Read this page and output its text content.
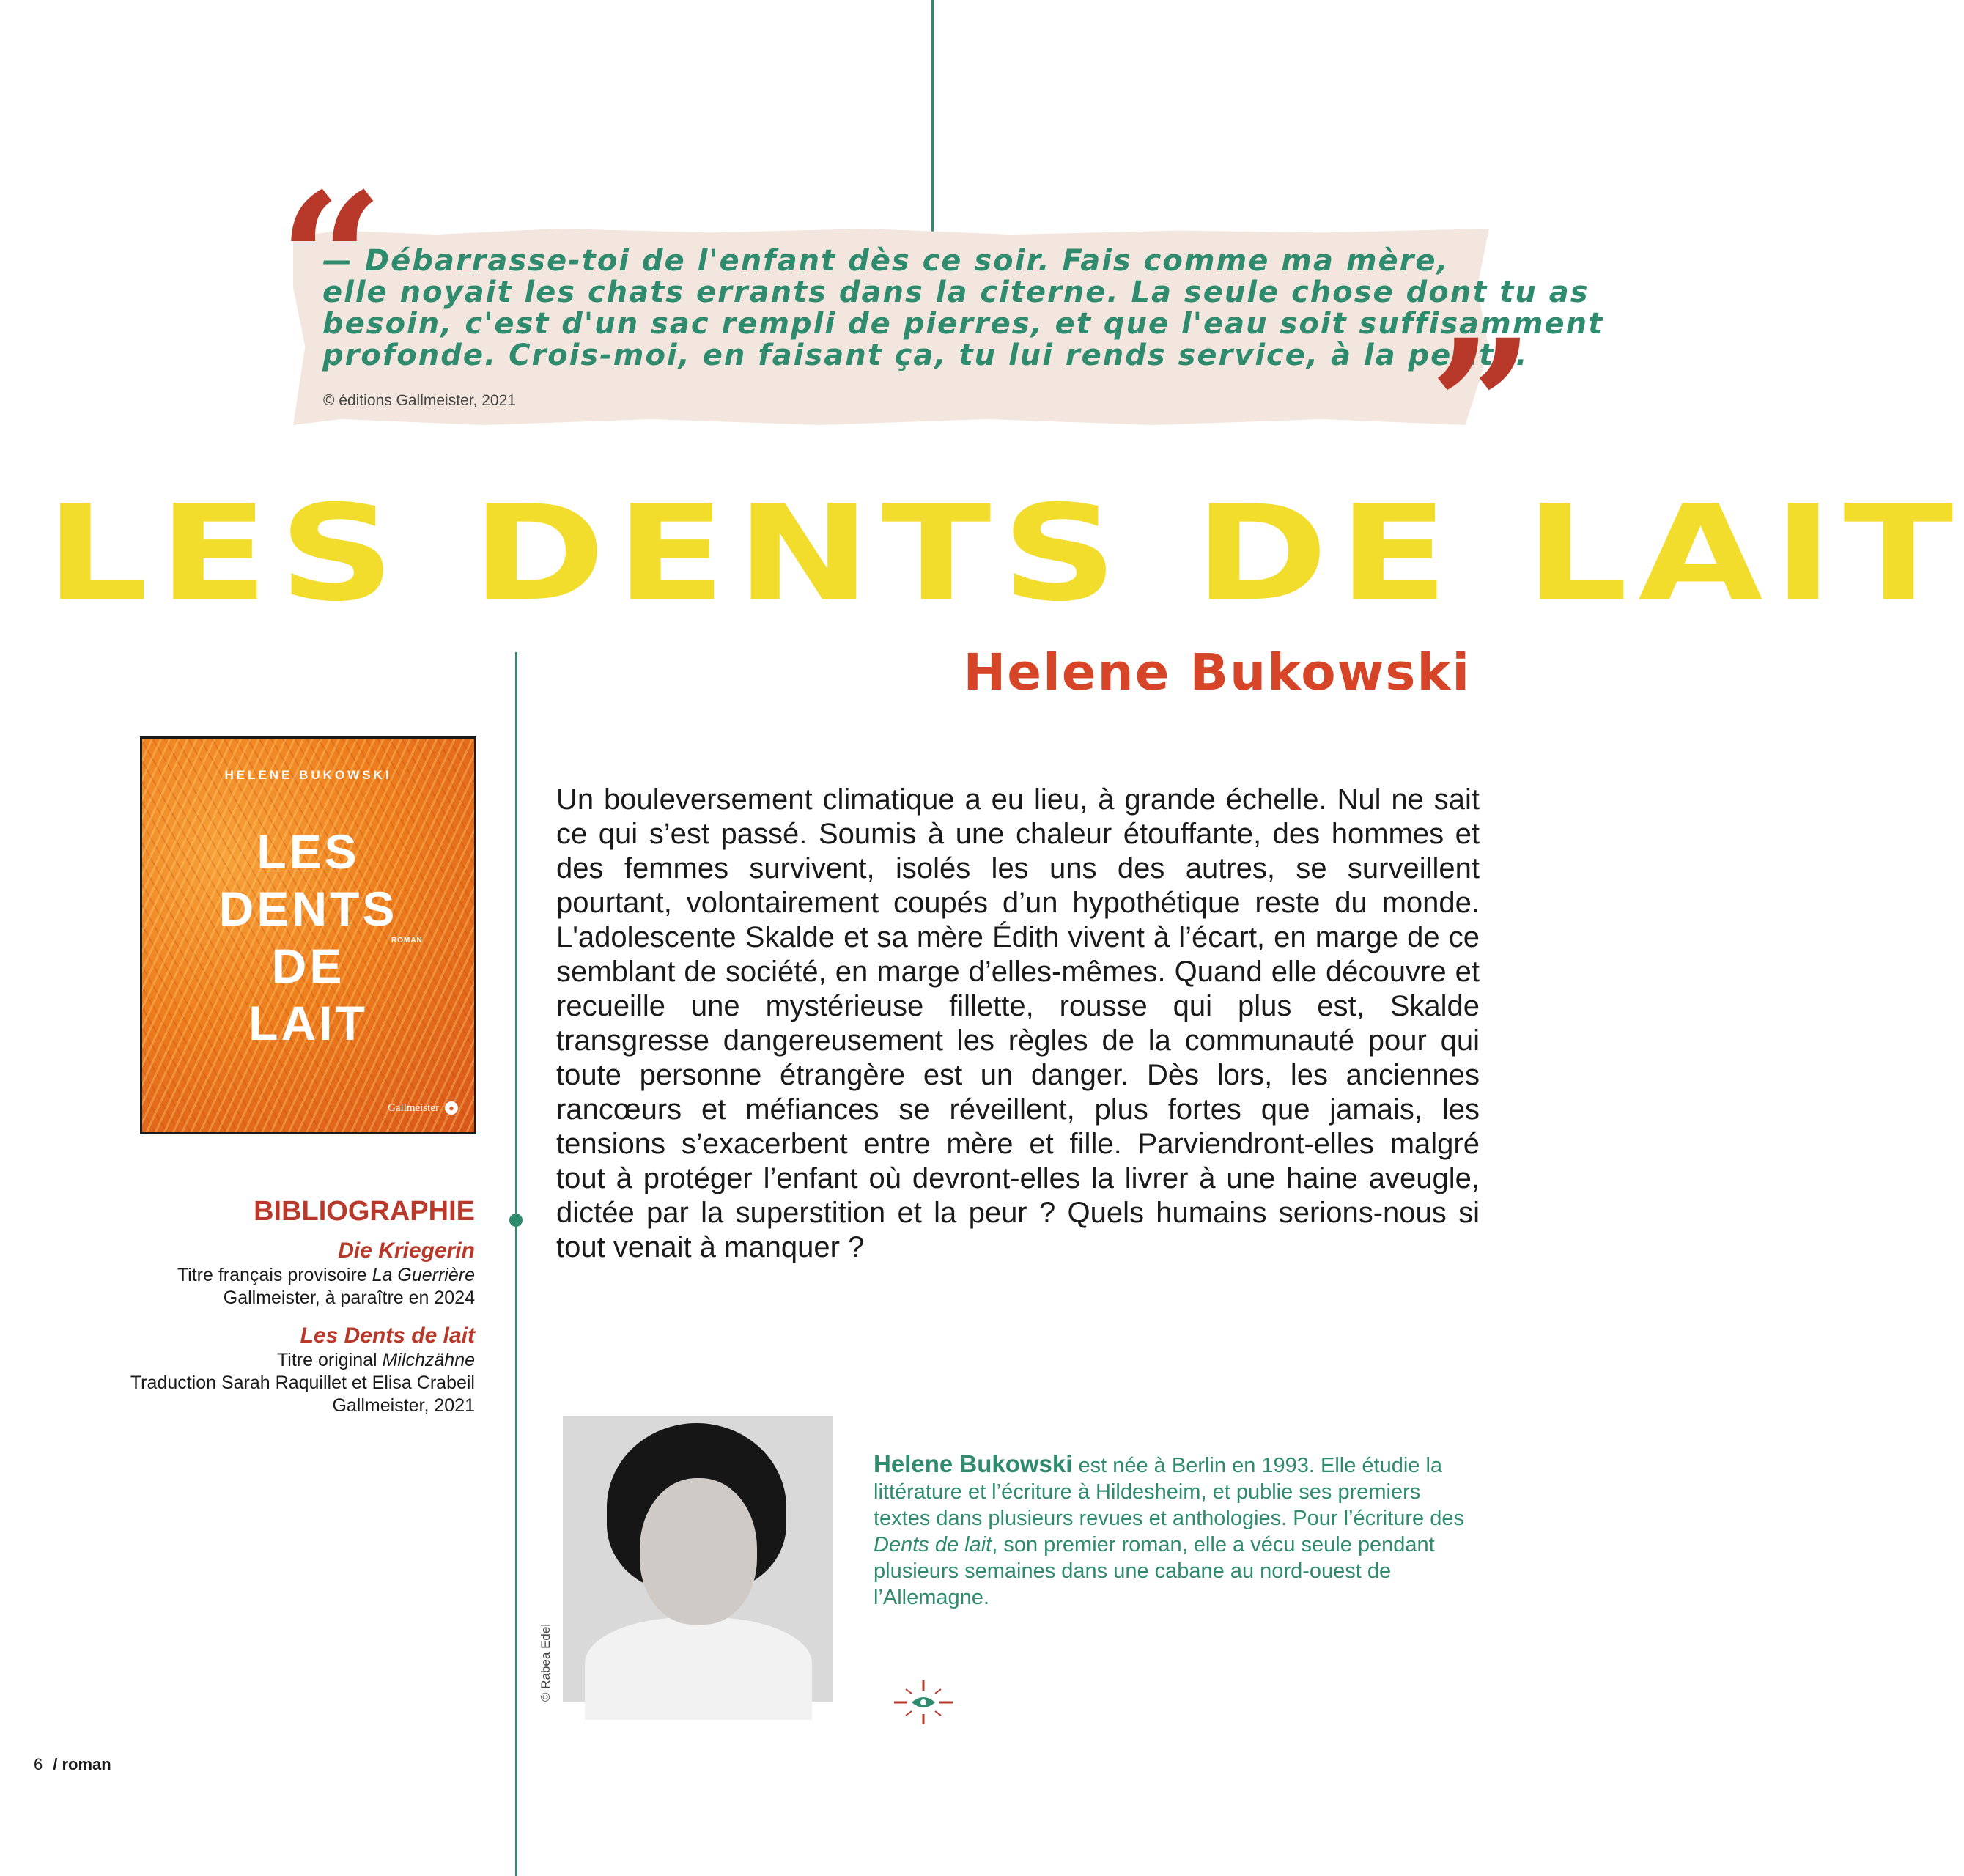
“

— Débarrasse-toi de l'enfant dès ce soir. Fais comme ma mère,
elle noyait les chats errants dans la citerne. La seule chose dont tu as
besoin, c'est d'un sac rempli de pierres, et que l'eau soit suffisamment
profonde. Crois-moi, en faisant ça, tu lui rends service, à la petite.

”

© éditions Gallmeister, 2021

LES DENTS DE LAIT
Helene Bukowski
HELENE BUKOWSKI
LES
DENTS
DE
LAIT
ROMAN
Gallmeister	●
BIBLIOGRAPHIE
Die Kriegerin
Titre français provisoire La Guerrière
Gallmeister, à paraître en 2024
Les Dents de lait
Titre original Milchzähne
Traduction Sarah Raquillet et Elisa Crabeil
Gallmeister, 2021

Un bouleversement climatique a eu lieu, à grande échelle. Nul ne sait ce qui s’est passé. Soumis à une chaleur étouffante, des hommes et des femmes survivent, isolés les uns des autres, se surveillent pourtant, volontairement coupés d’un hypothétique reste du monde. L'adolescente Skalde et sa mère Édith vivent à l’écart, en marge de ce semblant de société, en marge d’elles-mêmes. Quand elle découvre et recueille une mystérieuse fillette, rousse qui plus est, Skalde transgresse dangereusement les règles de la communauté pour qui toute personne étrangère est un danger. Dès lors, les anciennes rancœurs et méfiances se réveillent, plus fortes que jamais, les tensions s’exacerbent entre mère et fille. Parviendront-elles malgré tout à protéger l’enfant où devront-elles la livrer à une haine aveugle, dictée par la superstition et la peur ? Quels humains serions-nous si tout venait à manquer ?

© Rabea Edel

Helene Bukowski est née à Berlin en 1993. Elle étudie la littérature et l’écriture à Hildesheim, et publie ses premiers textes dans plusieurs revues et anthologies. Pour l’écriture des Dents de lait, son premier roman, elle a vécu seule pendant plusieurs semaines dans une cabane au nord-ouest de l’Allemagne.

6 / roman
